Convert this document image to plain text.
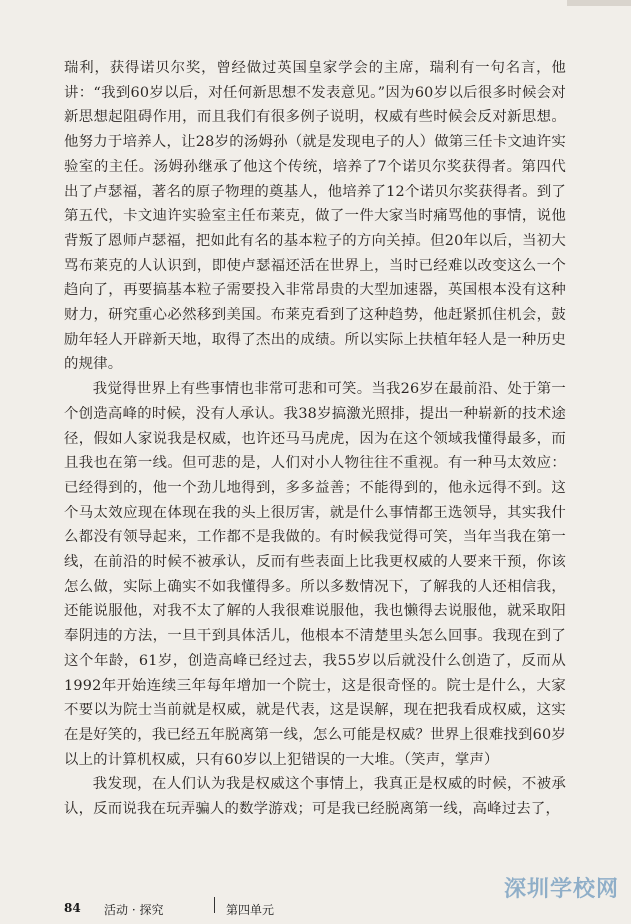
瑞利，获得诺贝尔奖，曾经做过英国皇家学会的主席，瑞利有一句名言，他讲：“我到60岁以后，对任何新思想不发表意见。”因为60岁以后很多时候会对新思想起阻碍作用，而且我们有很多例子说明，权威有些时候会反对新思想。他努力于培养人，让28岁的汤姆孙（就是发现电子的人）做第三任卡文迪许实验室的主任。汤姆孙继承了他这个传统，培养了7个诺贝尔奖获得者。第四代出了卢瑟福，著名的原子物理的奠基人，他培养了12个诺贝尔奖获得者。到了第五代，卡文迪许实验室主任布莱克，做了一件大家当时痛骂他的事情，说他背叛了恩师卢瑟福，把如此有名的基本粒子的方向关掉。但20年以后，当初大骂布莱克的人认识到，即使卢瑟福还活在世界上，当时已经难以改变这么一个趋向了，再要搞基本粒子需要投入非常昂贵的大型加速器，英国根本没有这种财力，研究重心必然移到美国。布莱克看到了这种趋势，他赶紧抓住机会，鼓励年轻人开辟新天地，取得了杰出的成绩。所以实际上扶植年轻人是一种历史的规律。

我觉得世界上有些事情也非常可悲和可笑。当我26岁在最前沿、处于第一个创造高峰的时候，没有人承认。我38岁搞激光照排，提出一种崭新的技术途径，假如人家说我是权威，也许还马马虎虎，因为在这个领域我懂得最多，而且我也在第一线。但可悲的是，人们对小人物往往不重视。有一种马太效应：已经得到的，他一个劲儿地得到，多多益善；不能得到的，他永远得不到。这个马太效应现在体现在我的头上很厉害，就是什么事情都王选领导，其实我什么都没有领导起来，工作都不是我做的。有时候我觉得可笑，当年当我在第一线，在前沿的时候不被承认，反而有些表面上比我更权威的人要来干预，你该怎么做，实际上确实不如我懂得多。所以多数情况下，了解我的人还相信我，还能说服他，对我不太了解的人我很难说服他，我也懒得去说服他，就采取阳奉阴违的方法，一旦干到具体活儿，他根本不清楚里头怎么回事。我现在到了这个年龄，61岁，创造高峰已经过去，我55岁以后就没什么创造了，反而从1992年开始连续三年每年增加一个院士，这是很奇怪的。院士是什么，大家不要以为院士当前就是权威，就是代表，这是误解，现在把我看成权威，这实在是好笑的，我已经五年脱离第一线，怎么可能是权威？世界上很难找到60岁以上的计算机权威，只有60岁以上犯错误的一大堆。（笑声，掌声）

我发现，在人们认为我是权威这个事情上，我真正是权威的时候，不被承认，反而说我在玩弄骗人的数学游戏；可是我已经脱离第一线，高峰过去了，

84 活动 · 探究	第四单元
深圳学校网
